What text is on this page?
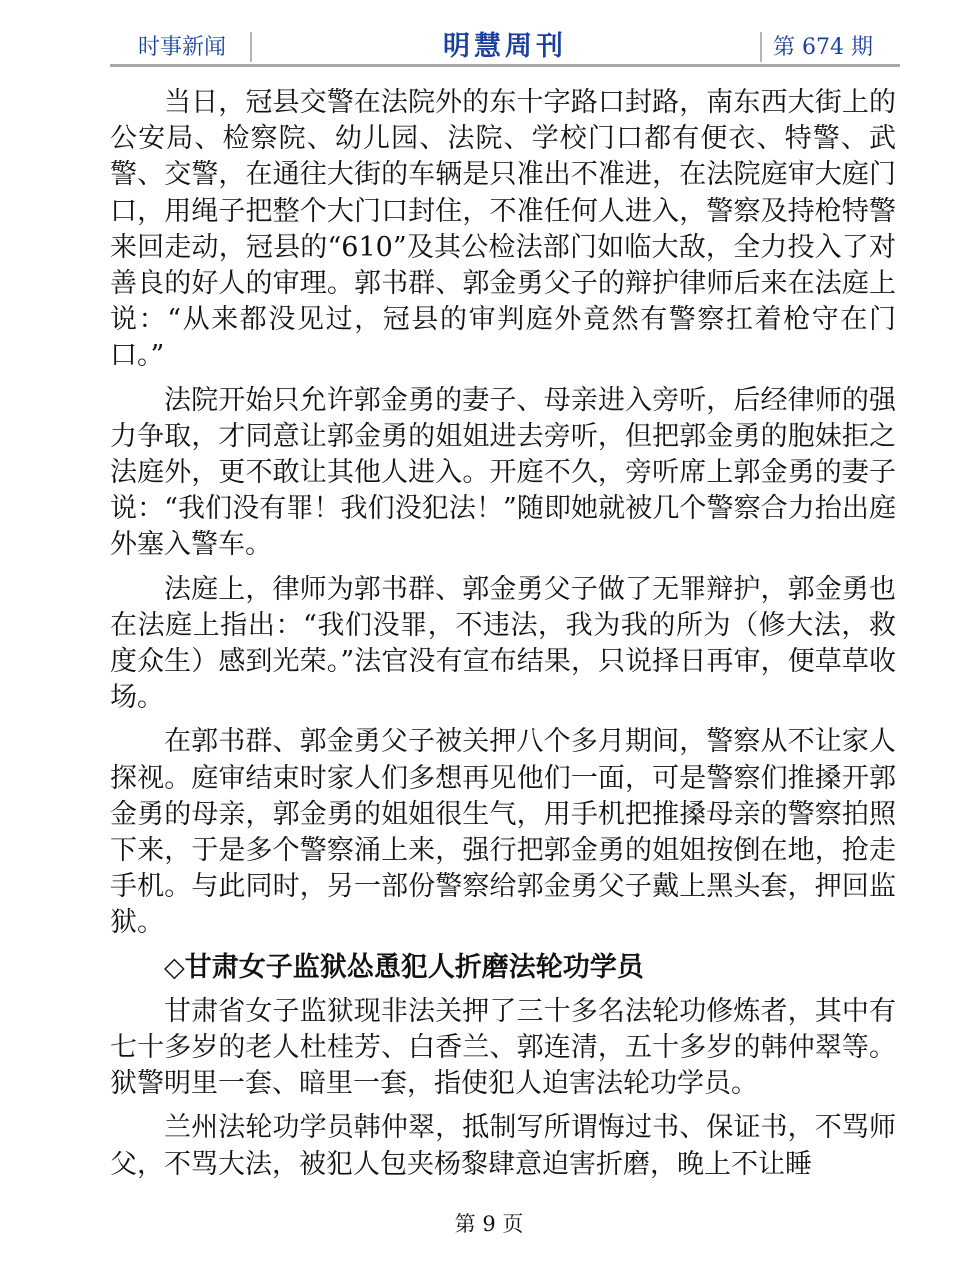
时事新闻	明慧周刊	第 674 期

当日，冠县交警在法院外的东十字路口封路，南东西大街上的公安局、检察院、幼儿园、法院、学校门口都有便衣、特警、武警、交警，在通往大街的车辆是只准出不准进，在法院庭审大庭门口，用绳子把整个大门口封住，不准任何人进入，警察及持枪特警来回走动，冠县的“610”及其公检法部门如临大敌，全力投入了对善良的好人的审理。郭书群、郭金勇父子的辩护律师后来在法庭上说：“从来都没见过，冠县的审判庭外竟然有警察扛着枪守在门口。”

法院开始只允许郭金勇的妻子、母亲进入旁听，后经律师的强力争取，才同意让郭金勇的姐姐进去旁听，但把郭金勇的胞妹拒之法庭外，更不敢让其他人进入。开庭不久，旁听席上郭金勇的妻子说：“我们没有罪！我们没犯法！”随即她就被几个警察合力抬出庭外塞入警车。

法庭上，律师为郭书群、郭金勇父子做了无罪辩护，郭金勇也在法庭上指出：“我们没罪，不违法，我为我的所为（修大法，救度众生）感到光荣。”法官没有宣布结果，只说择日再审，便草草收场。

在郭书群、郭金勇父子被关押八个多月期间，警察从不让家人探视。庭审结束时家人们多想再见他们一面，可是警察们推搡开郭金勇的母亲，郭金勇的姐姐很生气，用手机把推搡母亲的警察拍照下来，于是多个警察涌上来，强行把郭金勇的姐姐按倒在地，抢走手机。与此同时，另一部份警察给郭金勇父子戴上黑头套，押回监狱。

◇甘肃女子监狱怂恿犯人折磨法轮功学员

甘肃省女子监狱现非法关押了三十多名法轮功修炼者，其中有七十多岁的老人杜桂芳、白香兰、郭连清，五十多岁的韩仲翠等。狱警明里一套、暗里一套，指使犯人迫害法轮功学员。

兰州法轮功学员韩仲翠，抵制写所谓悔过书、保证书，不骂师父，不骂大法，被犯人包夹杨黎肆意迫害折磨，晚上不让睡

第 9 页
